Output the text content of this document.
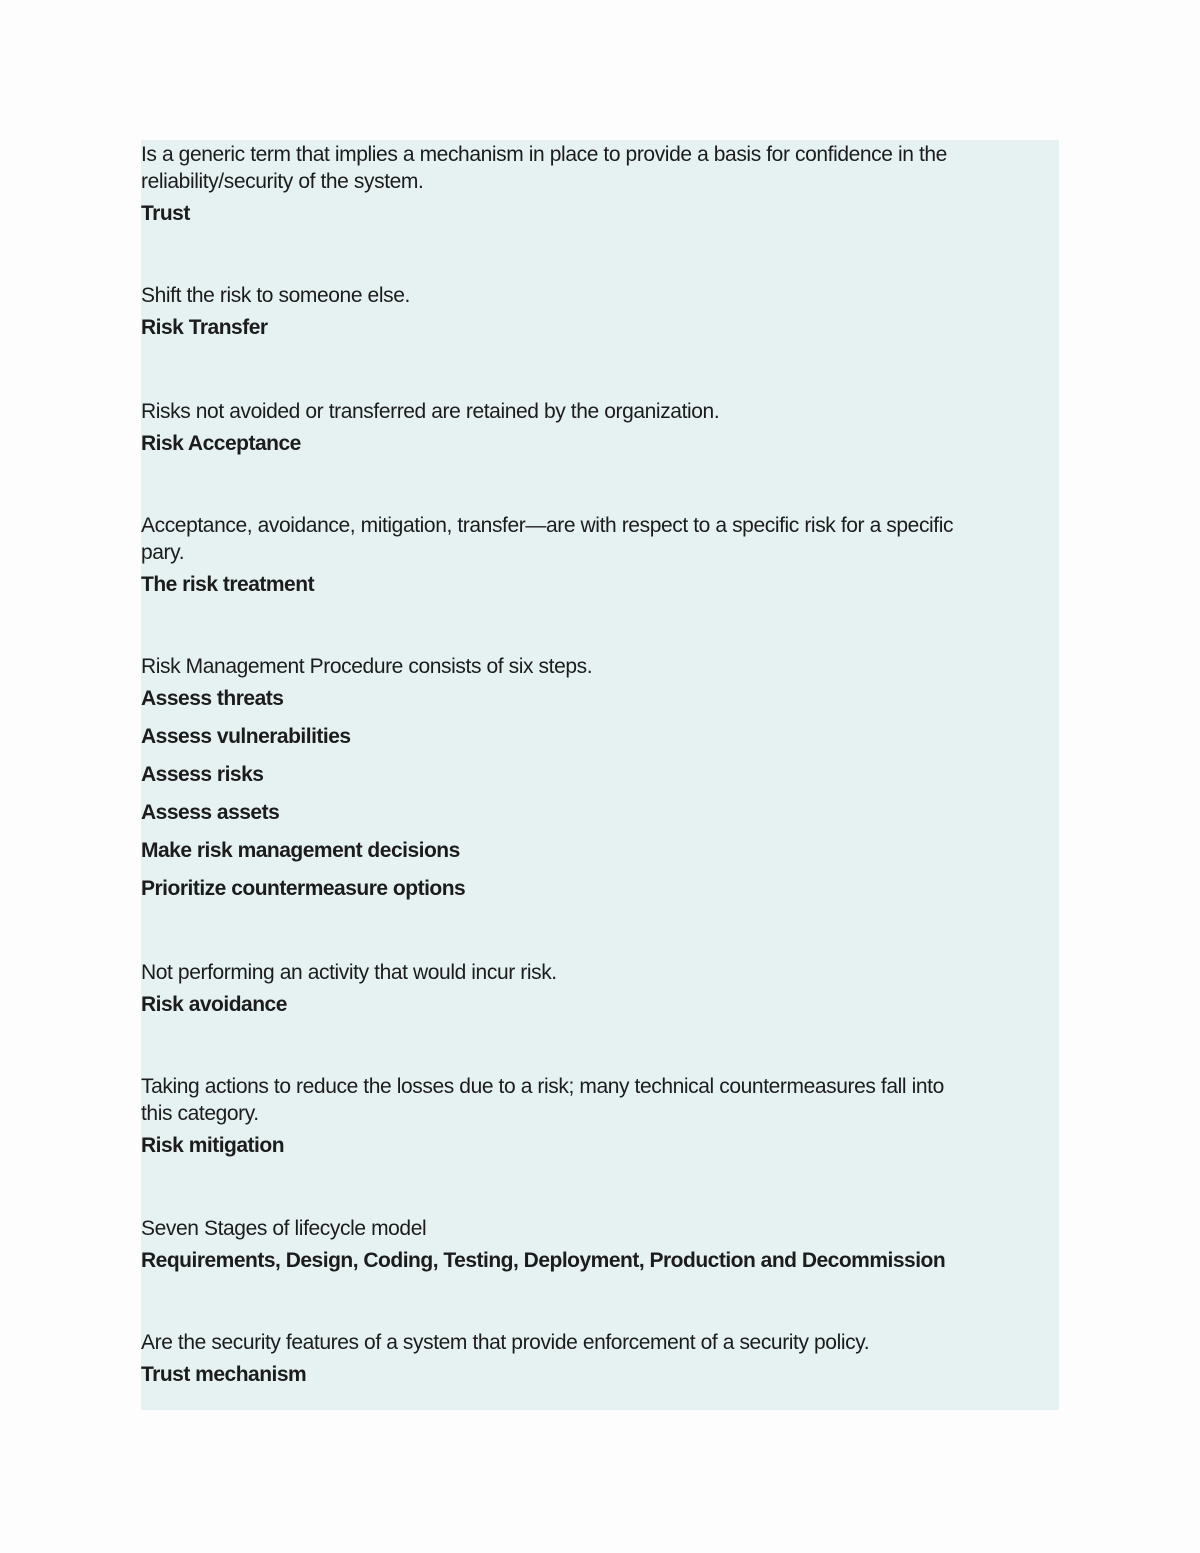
Is a generic term that implies a mechanism in place to provide a basis for confidence in the
reliability/security of the system.
Trust
Shift the risk to someone else.
Risk Transfer
Risks not avoided or transferred are retained by the organization.
Risk Acceptance
Acceptance, avoidance, mitigation, transfer—are with respect to a specific risk for a specific
pary.
The risk treatment
Risk Management Procedure consists of six steps.
Assess threats
Assess vulnerabilities
Assess risks
Assess assets
Make risk management decisions
Prioritize countermeasure options
Not performing an activity that would incur risk.
Risk avoidance
Taking actions to reduce the losses due to a risk; many technical countermeasures fall into
this category.
Risk mitigation
Seven Stages of lifecycle model
Requirements, Design, Coding, Testing, Deployment, Production and Decommission
Are the security features of a system that provide enforcement of a security policy.
Trust mechanism
